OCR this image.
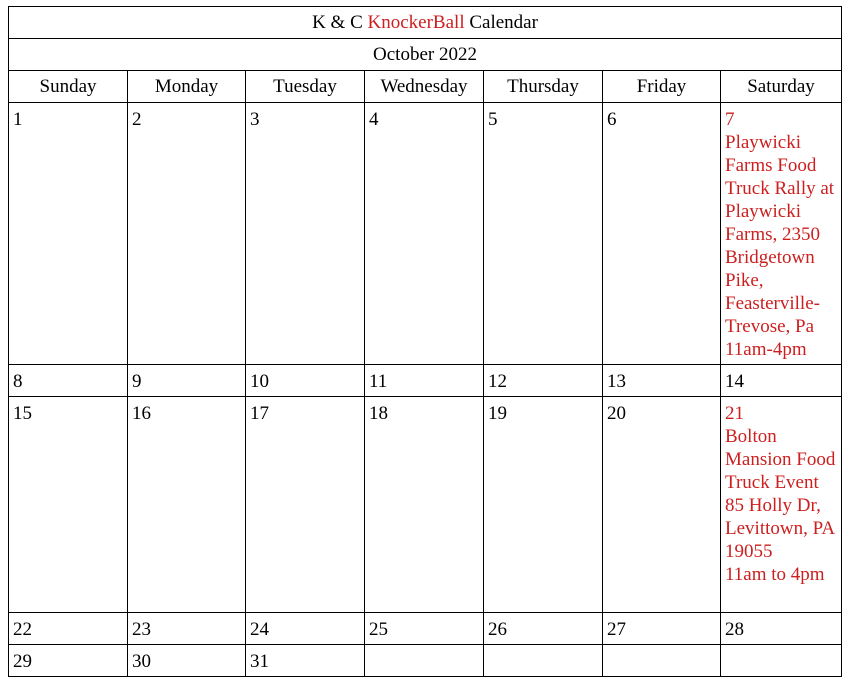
K & C KnockerBall Calendar						
October 2022						
Sunday	Monday	Tuesday	Wednesday	Thursday	Friday	Saturday
1	2	3	4	5	6	7
Playwicki Farms Food Truck Rally at Playwicki Farms, 2350 Bridgetown Pike, Feasterville-Trevose, Pa 11am-4pm

8	9	10	11	12	13	14
15	16	17	18	19	20	21
Bolton Mansion Food Truck Event
85 Holly Dr, Levittown, PA 19055
11am to 4pm

22	23	24	25	26	27	28
29	30	31				
